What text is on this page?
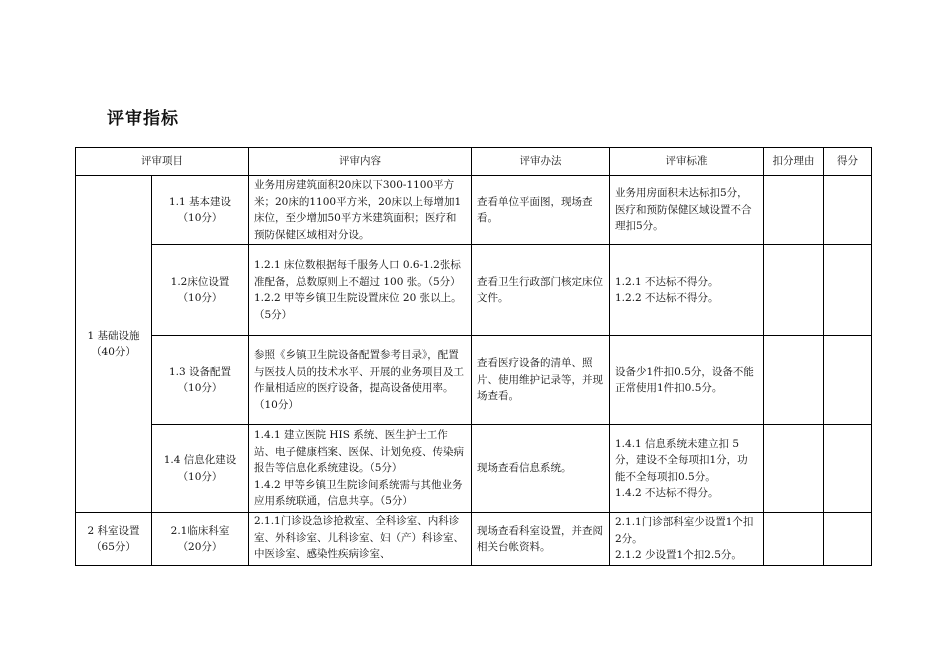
评审指标
评审项目		评审内容	评审办法	评审标准	扣分理由	得分

1 基础设施
（40分）	1.1 基本建设
（10分）	业务用房建筑面积20床以下300-1100平方米；20床的1100平方米，20床以上每增加1床位，至少增加50平方米建筑面积；医疗和预防保健区域相对分设。	查看单位平面图，现场查看。	业务用房面积未达标扣5分，医疗和预防保健区域设置不合理扣5分。		

	1.2床位设置
（10分）	1.2.1 床位数根据每千服务人口 0.6-1.2张标准配备，总数原则上不超过 100 张。（5分）
1.2.2 甲等乡镇卫生院设置床位 20 张以上。（5分）	查看卫生行政部门核定床位文件。	1.2.1 不达标不得分。
1.2.2 不达标不得分。		

	1.3 设备配置
（10分）	参照《乡镇卫生院设备配置参考目录》，配置与医技人员的技术水平、开展的业务项目及工作量相适应的医疗设备，提高设备使用率。（10分）	查看医疗设备的清单、照片、使用维护记录等，并现场查看。	设备少1件扣0.5分，设备不能正常使用1件扣0.5分。		

	1.4 信息化建设
（10分）	1.4.1 建立医院 HIS 系统、医生护士工作站、电子健康档案、医保、计划免疫、传染病报告等信息化系统建设。（5分）
1.4.2 甲等乡镇卫生院诊间系统需与其他业务应用系统联通，信息共享。（5分）	现场查看信息系统。	1.4.1 信息系统未建立扣 5分，建设不全每项扣1分，功能不全每项扣0.5分。
1.4.2 不达标不得分。		

2 科室设置
（65分）	2.1临床科室
（20分）	2.1.1门诊设急诊抢救室、全科诊室、内科诊室、外科诊室、儿科诊室、妇（产）科诊室、中医诊室、感染性疾病诊室、	现场查看科室设置，并查阅相关台帐资料。	2.1.1门诊部科室少设置1个扣2分。
2.1.2 少设置1个扣2.5分。		
